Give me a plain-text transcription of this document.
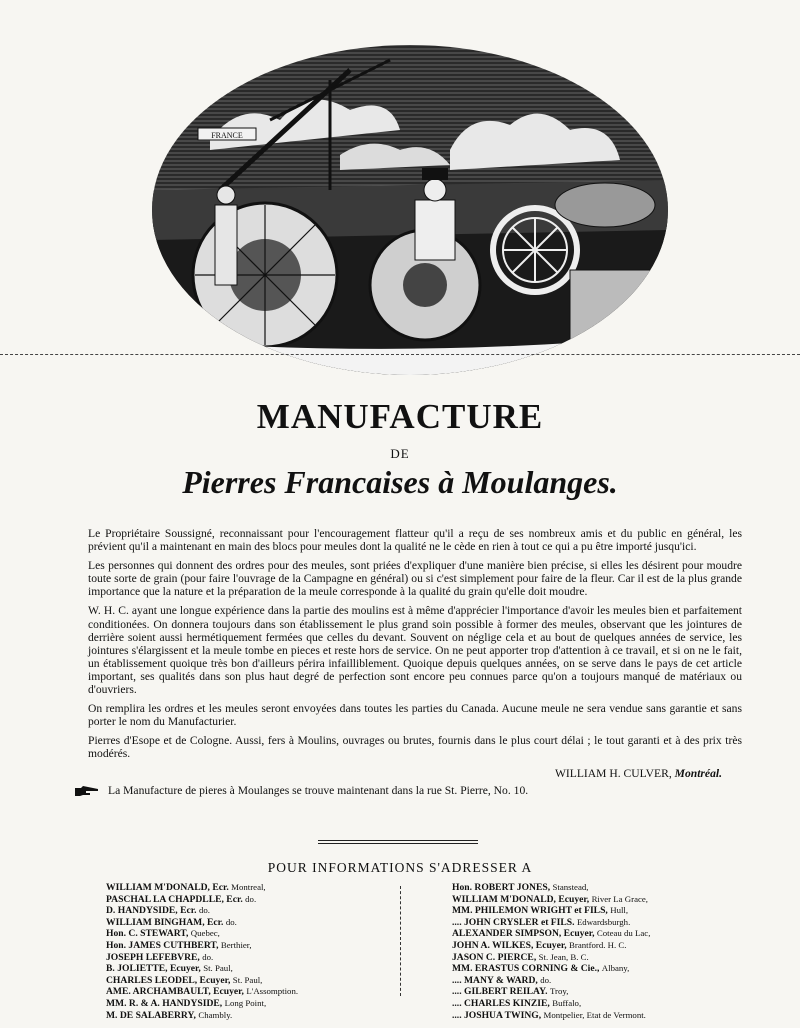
FRANCE
MANUFACTURE
DE
Pierres Francaises à Moulanges.

Le Propriétaire Soussigné, reconnaissant pour l'encouragement flatteur qu'il a reçu de ses nombreux amis et du public en général, les prévient qu'il a maintenant en main des blocs pour meules dont la qualité ne le cède en rien à tout ce qui a pu être importé jusqu'ici.

Les personnes qui donnent des ordres pour des meules, sont priées d'expliquer d'une manière bien précise, si elles les désirent pour moudre toute sorte de grain (pour faire l'ouvrage de la Campagne en général) ou si c'est simplement pour faire de la fleur. Car il est de la plus grande importance que la nature et la préparation de la meule corresponde à la qualité du grain qu'elle doit moudre.

W. H. C. ayant une longue expérience dans la partie des moulins est à même d'apprécier l'importance d'avoir les meules bien et parfaitement conditionées. On donnera toujours dans son établissement le plus grand soin possible à former des meules, observant que les jointures de derrière soient aussi hermétiquement fermées que celles du devant. Souvent on néglige cela et au bout de quelques années de service, les jointures s'élargissent et la meule tombe en pieces et reste hors de service. On ne peut apporter trop d'attention à ce travail, et si on ne le fait, un établissement quoique très bon d'ailleurs périra infailliblement. Quoique depuis quelques années, on se serve dans le pays de cet article important, ses qualités dans son plus haut degré de perfection sont encore peu connues parce qu'on a toujours manqué de matériaux ou d'ouvriers.

On remplira les ordres et les meules seront envoyées dans toutes les parties du Canada. Aucune meule ne sera vendue sans garantie et sans porter le nom du Manufacturier.

Pierres d'Esope et de Cologne. Aussi, fers à Moulins, ouvrages ou brutes, fournis dans le plus court délai ; le tout garanti et à des prix très modérés.

WILLIAM H. CULVER, Montréal.
La Manufacture de pieres à Moulanges se trouve maintenant dans la rue St. Pierre, No. 10.
POUR INFORMATIONS S'ADRESSER A
WILLIAM M'DONALD, Ecr. Montreal,
PASCHAL LA CHAPDLLE, Ecr. do.
D. HANDYSIDE, Ecr. do.
WILLIAM BINGHAM, Ecr. do.
Hon. C. STEWART, Quebec,
Hon. JAMES CUTHBERT, Berthier,
JOSEPH LEFEBVRE, do.
B. JOLIETTE, Ecuyer, St. Paul,
CHARLES LEODEL, Ecuyer, St. Paul,
AME. ARCHAMBAULT, Ecuyer, L'Assomption.
MM. R. & A. HANDYSIDE, Long Point,
M. DE SALABERRY, Chambly.
Hon. ROBERT JONES, Stanstead,
WILLIAM M'DONALD, Ecuyer, River La Grace,
MM. PHILEMON WRIGHT et FILS, Hull,
.... JOHN CRYSLER et FILS. Edwardsburgh.
ALEXANDER SIMPSON, Ecuyer, Coteau du Lac,
JOHN A. WILKES, Ecuyer, Brantford. H. C.
JASON C. PIERCE, St. Jean, B. C.
MM. ERASTUS CORNING & Cie., Albany,
.... MANY & WARD, do.
.... GILBERT REILAY. Troy,
.... CHARLES KINZIE, Buffalo,
.... JOSHUA TWING, Montpelier, Etat de Vermont.
